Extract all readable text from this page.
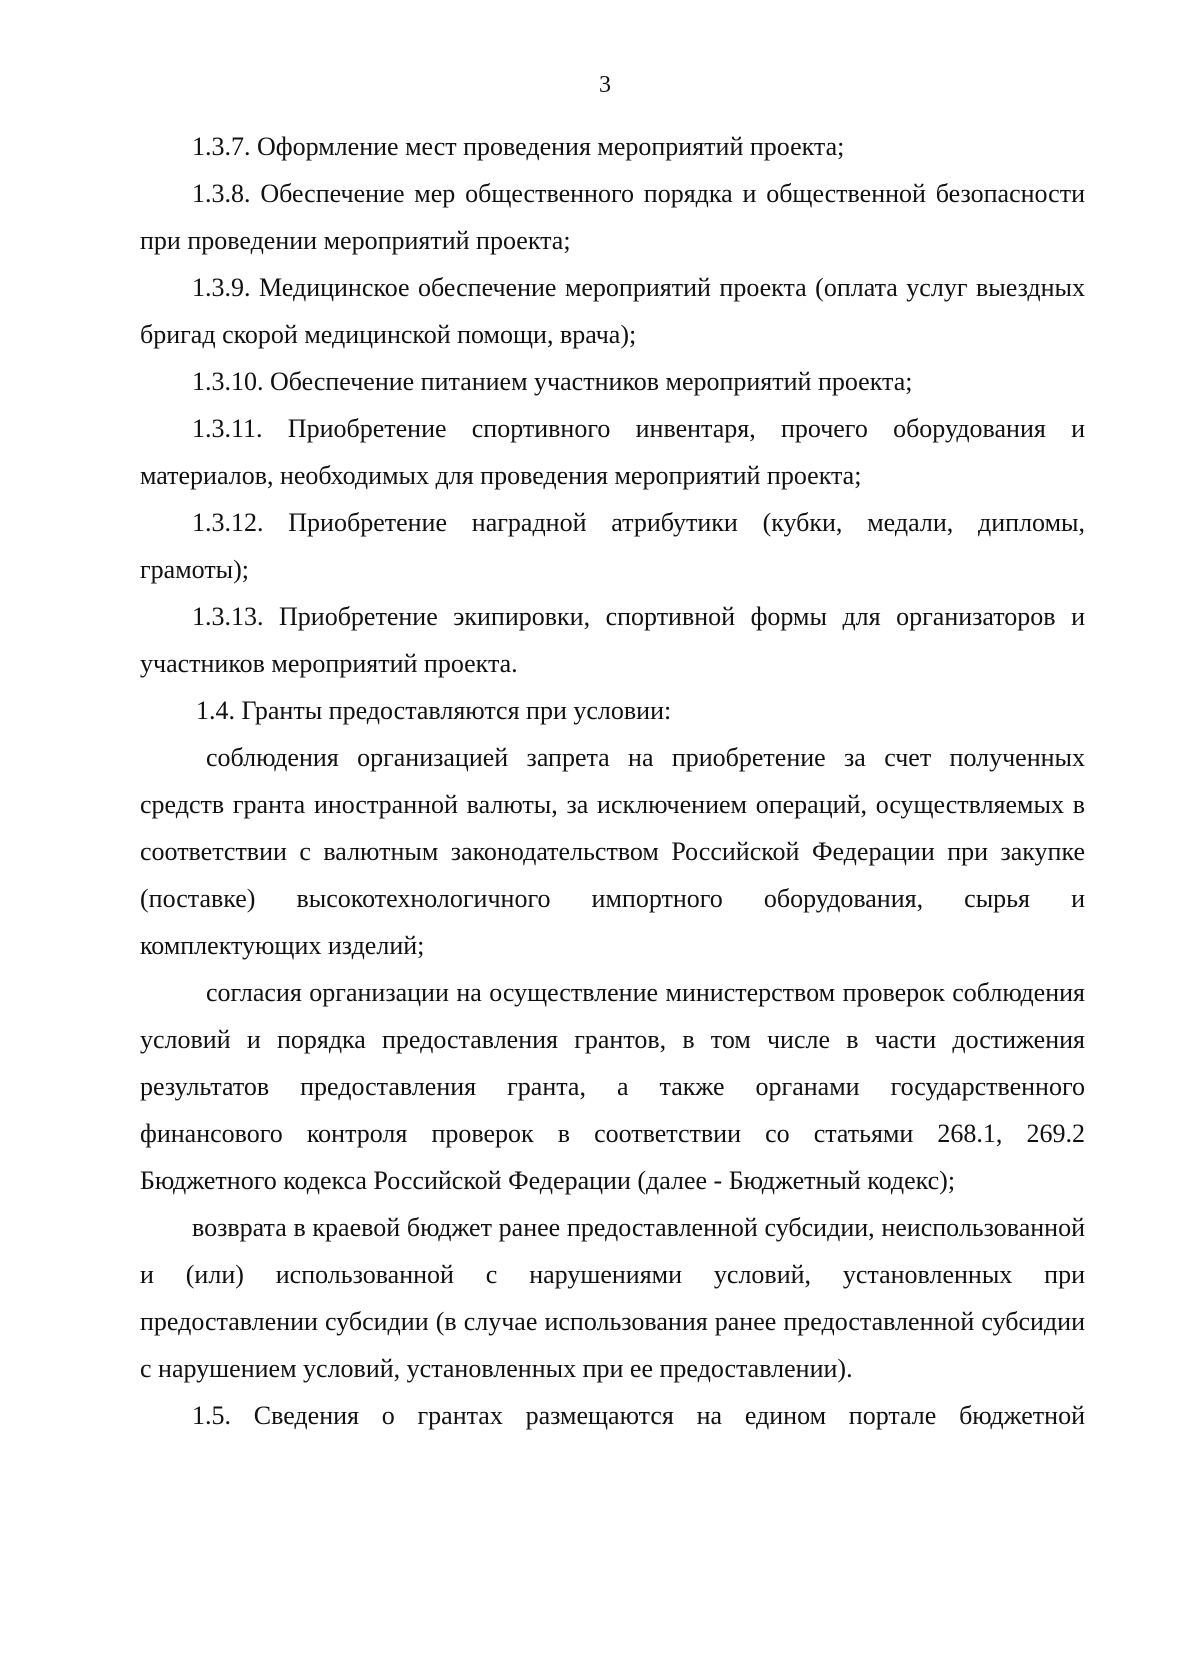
3

1.3.7. Оформление мест проведения мероприятий проекта;

1.3.8. Обеспечение мер общественного порядка и общественной безопасности при проведении мероприятий проекта;

1.3.9. Медицинское обеспечение мероприятий проекта (оплата услуг выездных бригад скорой медицинской помощи, врача);

1.3.10. Обеспечение питанием участников мероприятий проекта;

1.3.11. Приобретение спортивного инвентаря, прочего оборудования и материалов, необходимых для проведения мероприятий проекта;

1.3.12. Приобретение наградной атрибутики (кубки, медали, дипломы, грамоты);

1.3.13. Приобретение экипировки, спортивной формы для организаторов и участников мероприятий проекта.

1.4. Гранты предоставляются при условии:

соблюдения организацией запрета на приобретение за счет полученных средств гранта иностранной валюты, за исключением операций, осуществляемых в соответствии с валютным законодательством Российской Федерации при закупке (поставке) высокотехнологичного импортного оборудования, сырья и комплектующих изделий;

согласия организации на осуществление министерством проверок соблюдения условий и порядка предоставления грантов, в том числе в части достижения результатов предоставления гранта, а также органами государственного финансового контроля проверок в соответствии со статьями 268.1, 269.2 Бюджетного кодекса Российской Федерации (далее - Бюджетный кодекс);

возврата в краевой бюджет ранее предоставленной субсидии, неиспользованной и (или) использованной с нарушениями условий, установленных при предоставлении субсидии (в случае использования ранее предоставленной субсидии с нарушением условий, установленных при ее предоставлении).

1.5. Сведения о грантах размещаются на едином портале бюджетной
